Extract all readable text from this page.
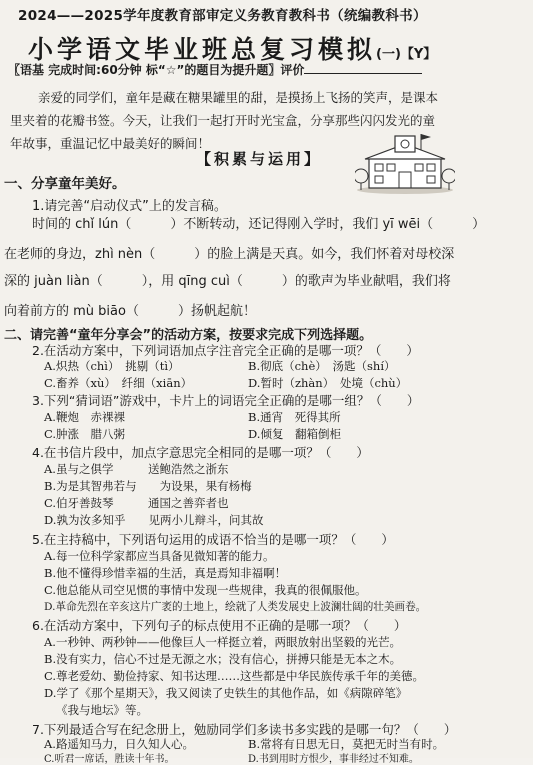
2024——2025学年度教育部审定义务教育教科书（统编教科书）
小学语文毕业班总复习模拟(一)【Y】
〖语基 完成时间:60分钟 标“☆”的题目为提升题〗评价
亲爱的同学们，童年是藏在糖果罐里的甜，是摸扬上飞扬的笑声，是课本
里夹着的花瓣书签。今天，让我们一起打开时光宝盒，分享那些闪闪发光的童
年故事，重温记忆中最美好的瞬间！
【积累与运用】
一、分享童年美好。
1.请完善“启动仪式”上的发言稿。
时间的 chǐ lún（　　　）不断转动，还记得刚入学时，我们 yī wēi（　　　）
在老师的身边，zhì nèn（　　　）的脸上满是天真。如今，我们怀着对母校深
深的 juàn liàn（　　　），用 qīng cuì（　　　）的歌声为毕业献唱，我们将
向着前方的 mù biāo（　　　）扬帆起航！
二、请完善“童年分享会”的活动方案，按要求完成下列选择题。
2.在活动方案中，下列词语加点字注音完全正确的是哪一项？（　　）
A.炽热（chì）　挑剔（tì）	B.彻底（chè）　汤匙（shí）
C.畜养（xù）　纤细（xiān）	D.暂时（zhàn）　处境（chù）
3.下列“猜词语”游戏中，卡片上的词语完全正确的是哪一组？（　　）
A.鞭炮　赤裸裸	B.通宵　死得其所
C.肿涨　腊八粥	D.倾复　翻箱倒柜
4.在书信片段中，加点字意思完全相同的是哪一项？（　　）
A.虽与之俱学　　　送鲍浩然之浙东
B.为是其智弗若与　　为设果，果有杨梅
C.伯牙善鼓琴　　　通国之善弈者也
D.孰为汝多知乎　　见两小儿辩斗，问其故
5.在主持稿中，下列语句运用的成语不恰当的是哪一项？（　　）
A.每一位科学家都应当具备见微知著的能力。
B.他不懂得珍惜幸福的生活，真是焉知非福啊！
C.他总能从司空见惯的事情中发现一些规律，我真的很佩服他。
D.革命先烈在辛亥这片广袤的土地上，绘就了人类发展史上波澜壮阔的壮美画卷。
6.在活动方案中，下列句子的标点使用不正确的是哪一项？（　　）
A.一秒钟、两秒钟——他像巨人一样挺立着，两眼放射出坚毅的光芒。
B.没有实力，信心不过是无源之水；没有信心，拼搏只能是无本之木。
C.尊老爱幼、勤俭持家、知书达理……这些都是中华民族传承千年的美德。
D.学了《那个星期天》，我又阅读了史铁生的其他作品，如《病隙碎笔》
《我与地坛》等。
7.下列最适合写在纪念册上，勉励同学们多读书多实践的是哪一句？（　　）
A.路遥知马力，日久知人心。	B.常将有日思无日，莫把无时当有时。
C.听君一席话，胜读十年书。	D.书到用时方恨少，事非经过不知难。
